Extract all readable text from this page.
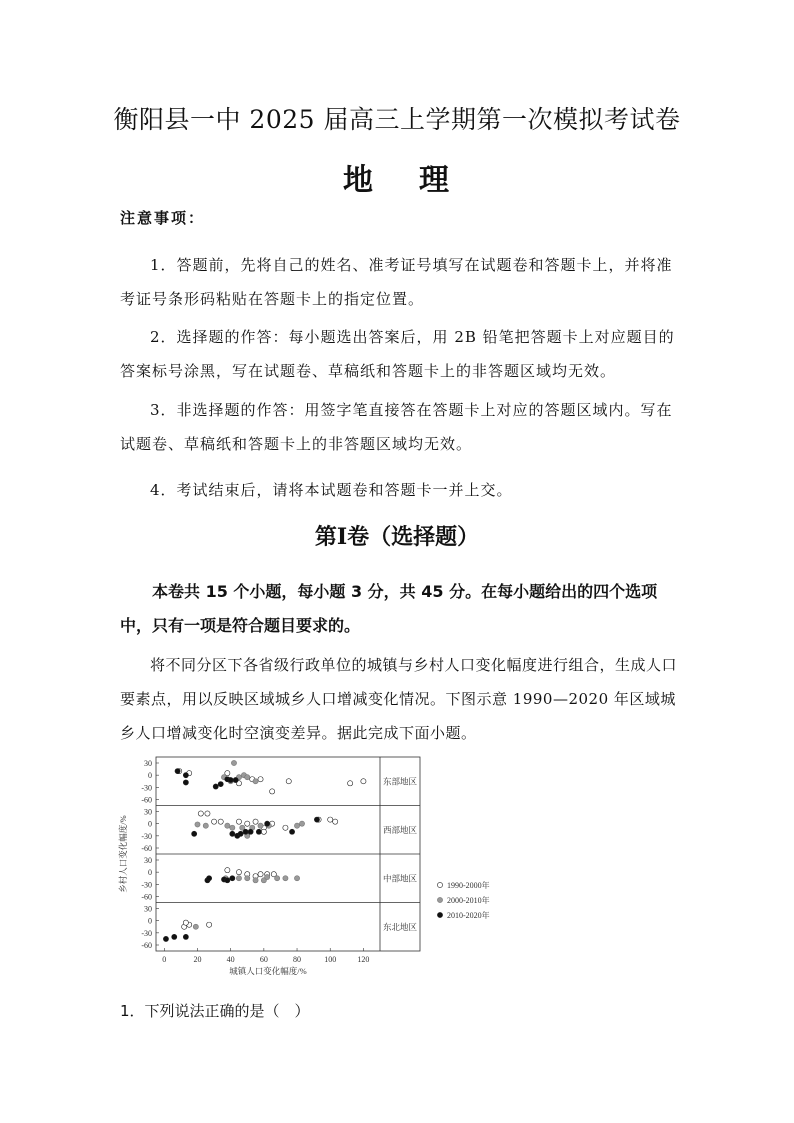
衡阳县一中 2025 届高三上学期第一次模拟考试卷
地 理
注意事项：

1．答题前，先将自己的姓名、准考证号填写在试题卷和答题卡上，并将准考证号条形码粘贴在答题卡上的指定位置。

2．选择题的作答：每小题选出答案后，用 2B 铅笔把答题卡上对应题目的答案标号涂黑，写在试题卷、草稿纸和答题卡上的非答题区域均无效。

3．非选择题的作答：用签字笔直接答在答题卡上对应的答题区域内。写在试题卷、草稿纸和答题卡上的非答题区域均无效。

4．考试结束后，请将本试题卷和答题卡一并上交。

第Ⅰ卷（选择题）

本卷共 15 个小题，每小题 3 分，共 45 分。在每小题给出的四个选项中，只有一项是符合题目要求的。

将不同分区下各省级行政单位的城镇与乡村人口变化幅度进行组合，生成人口要素点，用以反映区域城乡人口增减变化情况。下图示意 1990—2020 年区域城乡人口增减变化时空演变差异。据此完成下面小题。

30
0
-30
-60
东部地区
30
0
-30
-60
西部地区
30
0
-30
-60
中部地区
30
0
-30
-60
东北地区
0	20	40	60	80	100	120
城镇人口变化幅度/%
乡村人口变化幅度/%	1990-2000年
2000-2010年
2010-2020年
1．下列说法正确的是（　）
